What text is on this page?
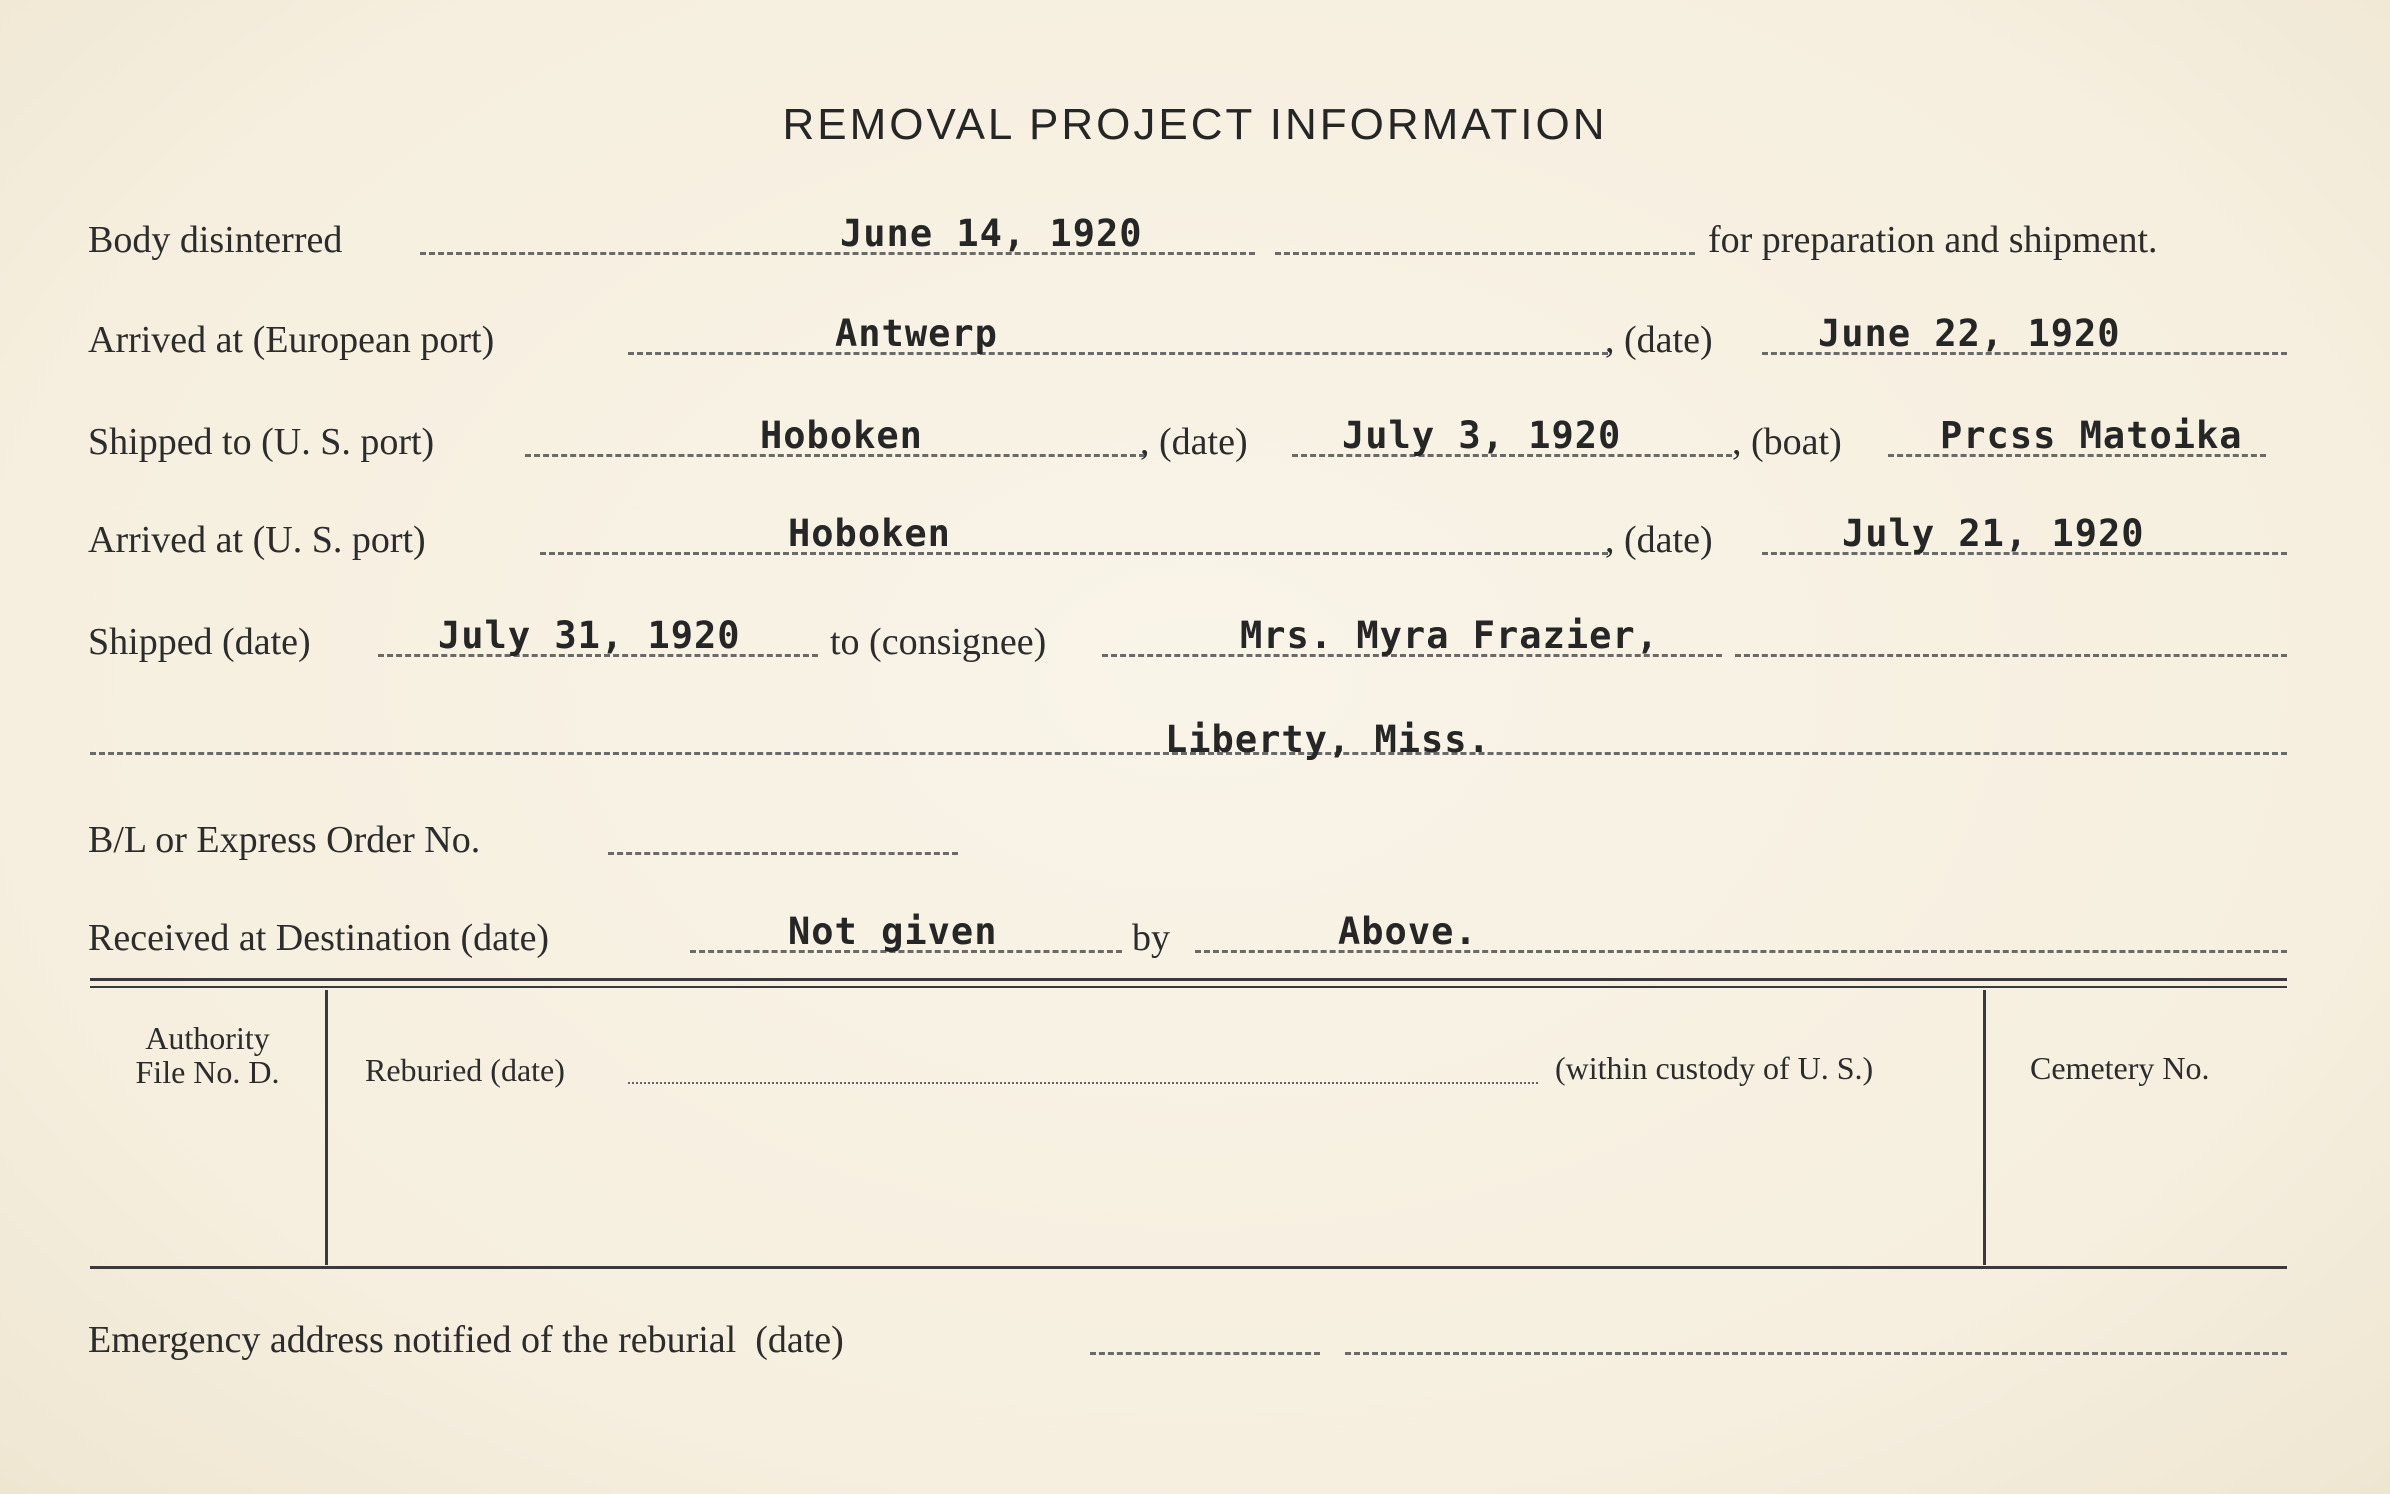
REMOVAL PROJECT INFORMATION
Body disinterred	June 14, 1920	for preparation and shipment.
Arrived at (European port)	Antwerp	, (date)	June 22, 1920
Shipped to (U. S. port)	Hoboken	, (date)	July 3, 1920	, (boat)	Prcss Matoika
Arrived at (U. S. port)	Hoboken	, (date)	July 21, 1920
Shipped (date)	July 31, 1920 to (consignee)	Mrs. Myra Frazier,
Liberty, Miss.
B/L or Express Order No.
Received at Destination (date)	Not given	by	Above.
Authority
File No. D.	Reburied (date)	(within custody of U. S.)	Cemetery No.
Emergency address notified of the reburial  (date)
